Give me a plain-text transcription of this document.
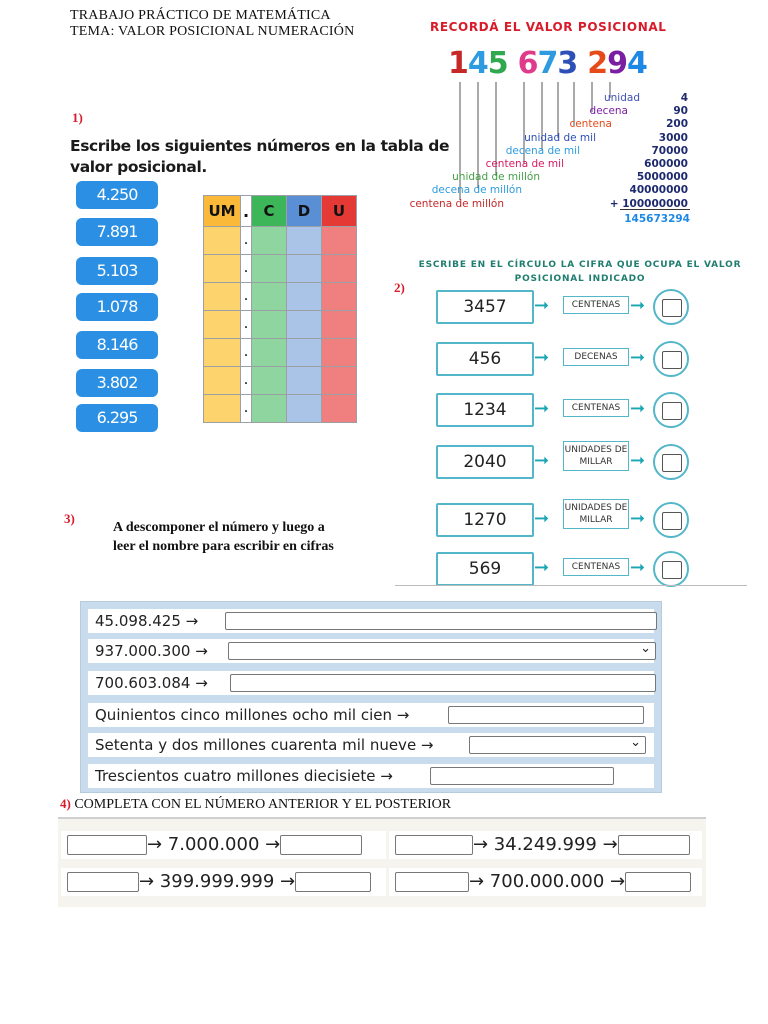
TRABAJO PRÁCTICO DE MATEMÁTICA
TEMA: VALOR POSICIONAL NUMERACIÓN	RECORDÁ EL VALOR POSICIONAL
145 673 294
unidad	4
decena	90
centena	200
unidad de mil	3000
decena de mil	70000
centena de mil	600000
unidad de millón	5000000
decena de millón	40000000
centena de millón	+ 100000000
145673294
1)
Escribe los siguientes números en la tabla de
valor posicional.
4.250
7.891
5.103
1.078
8.146
3.802
6.295
UM	.	C	D	U
	.			
	.			
	.			
	.			
	.			
	.			
	.			
ESCRIBE EN EL CÍRCULO LA CIFRA QUE OCUPA EL VALOR
POSICIONAL INDICADO
2)
3457	➞	CENTENAS ➞
456	➞	DECENAS ➞
1234	➞	CENTENAS ➞
2040	➞ UNIDADES DE MILLAR ➞
1270	➞ UNIDADES DE MILLAR ➞
569	➞	CENTENAS ➞
3)
A descomponer el número y luego a
leer el nombre para escribir en cifras
45.098.425 →
937.000.300 →
⌄
700.603.084 →
Quinientos cinco millones ocho mil cien →
Setenta y dos millones cuarenta mil nueve →
⌄
Trescientos cuatro millones diecisiete →
4) COMPLETA CON EL NÚMERO ANTERIOR Y EL POSTERIOR
→ 7.000.000 →	→ 34.249.999 →
→ 399.999.999 →	→ 700.000.000 →
